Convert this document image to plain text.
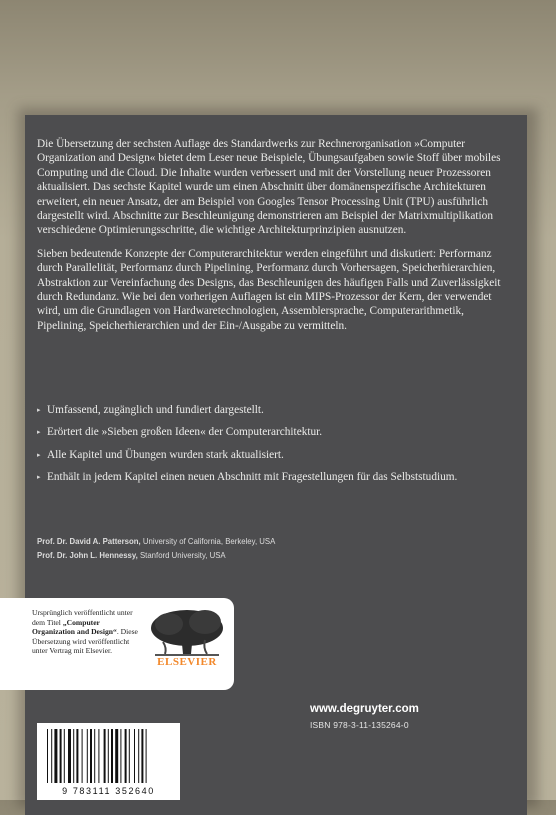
Die Übersetzung der sechsten Auflage des Standardwerks zur Rechnerorganisation »Computer Organization and Design« bietet dem Leser neue Beispiele, Übungsaufgaben sowie Stoff über mobiles Computing und die Cloud. Die Inhalte wurden verbessert und mit der Vorstellung neuer Prozessoren aktualisiert. Das sechste Kapitel wurde um einen Abschnitt über domänenspezifische Architekturen erweitert, ein neuer Ansatz, der am Beispiel von Googles Tensor Processing Unit (TPU) ausführlich dargestellt wird. Abschnitte zur Beschleunigung demonstrieren am Beispiel der Matrixmultiplikation verschiedene Optimierungsschritte, die wichtige Architekturprinzipien ausnutzen.

Sieben bedeutende Konzepte der Computerarchitektur werden eingeführt und diskutiert: Performanz durch Parallelität, Performanz durch Pipelining, Performanz durch Vorhersagen, Speicherhierarchien, Abstraktion zur Vereinfachung des Designs, das Beschleunigen des häufigen Falls und Zuverlässigkeit durch Redundanz. Wie bei den vorherigen Auflagen ist ein MIPS-Prozessor der Kern, der verwendet wird, um die Grundlagen von Hardwaretechnologien, Assemblersprache, Computerarithmetik, Pipelining, Speicherhierarchien und der Ein-/Ausgabe zu vermitteln.

▸ Umfassend, zugänglich und fundiert dargestellt.
▸ Erörtert die »Sieben großen Ideen« der Computerarchitektur.
▸ Alle Kapitel und Übungen wurden stark aktualisiert.
▸ Enthält in jedem Kapitel einen neuen Abschnitt mit Fragestellungen für das Selbststudium.
Prof. Dr. David A. Patterson, University of California, Berkeley, USA
Prof. Dr. John L. Hennessy, Stanford University, USA
Ursprünglich veröffentlicht unter dem Titel „Computer Organization and Design“. Diese Übersetzung wird veröffentlicht unter Vertrag mit Elsevier.
ELSEVIER
www.degruyter.com
ISBN 978-3-11-135264-0
9 783111 352640
